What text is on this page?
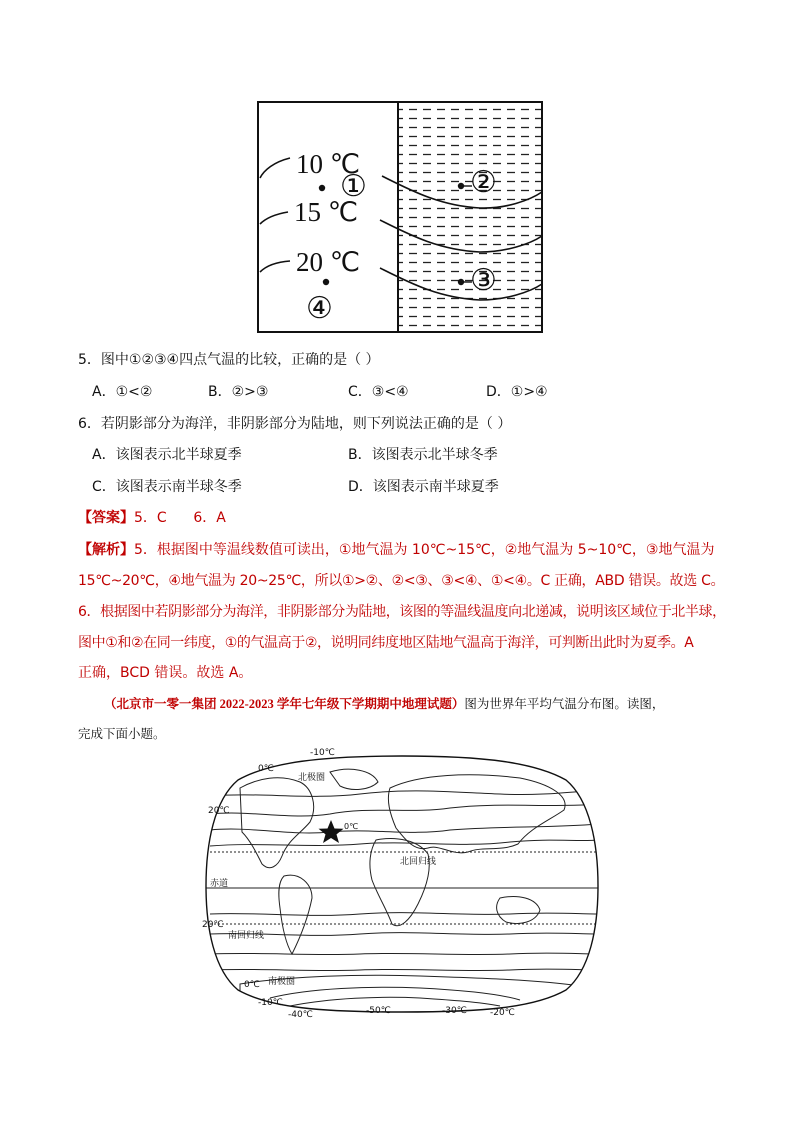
10 ℃
15 ℃
20 ℃
①	②
③
④
5．图中①②③④四点气温的比较，正确的是（ ）
A．①<②	B．②>③	C．③<④	D．①>④
6．若阴影部分为海洋，非阴影部分为陆地，则下列说法正确的是（ ）
A．该图表示北半球夏季	B．该图表示北半球冬季
C．该图表示南半球冬季	D．该图表示南半球夏季
【答案】5．C      6．A
【解析】5．根据图中等温线数值可读出，①地气温为 10℃~15℃，②地气温为 5~10℃，③地气温为
15℃~20℃，④地气温为 20~25℃，所以①>②、②<③、③<④、①<④。C 正确，ABD 错误。故选 C。
6．根据图中若阴影部分为海洋，非阴影部分为陆地，该图的等温线温度向北递减，说明该区域位于北半球，
图中①和②在同一纬度，①的气温高于②，说明同纬度地区陆地气温高于海洋，可判断出此时为夏季。A
正确，BCD 错误。故选 A。
（北京市一零一集团 2022-2023 学年七年级下学期期中地理试题）图为世界年平均气温分布图。读图，
完成下面小题。
-10℃
0℃
北极圈
20℃
0℃
北回归线
赤道
20℃
南回归线
0℃ 南极圈
-10℃
-40℃	-50℃	-30℃	-20℃
